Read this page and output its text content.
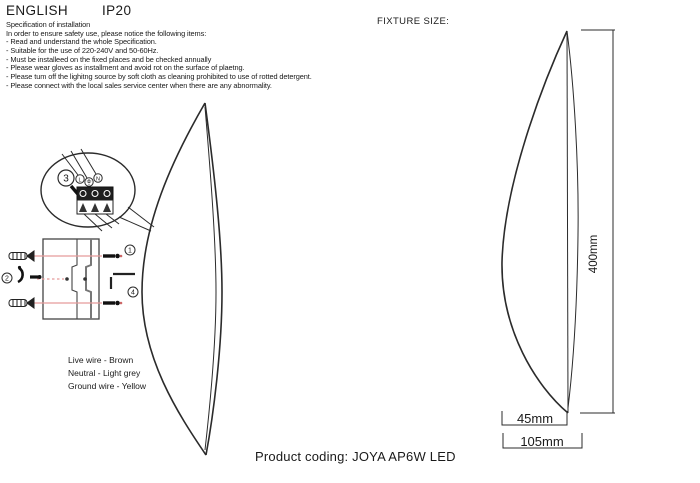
ENGLISH	IP20
Specification of installation
In order to ensure safety use, please notice the following items:
- Read and understand the whole Specification.
- Suitable for the use of 220-240V and 50-60Hz.
- Must be installeed on the fixed places and be checked annually
- Please wear gloves as installment and avoid rot on the surface of plaetng.
- Please tum off the lighitng source by soft cloth as cleaning prohibited to use of rotted detergent.
- Please connect with the local sales service center when there are any abnormality.
FIXTURE SIZE:
Live wire - Brown
Neutral - Light grey
Ground wire - Yellow
Product coding: JOYA AP6W LED
3 L	N
2
1
4
400mm
45mm
105mm
